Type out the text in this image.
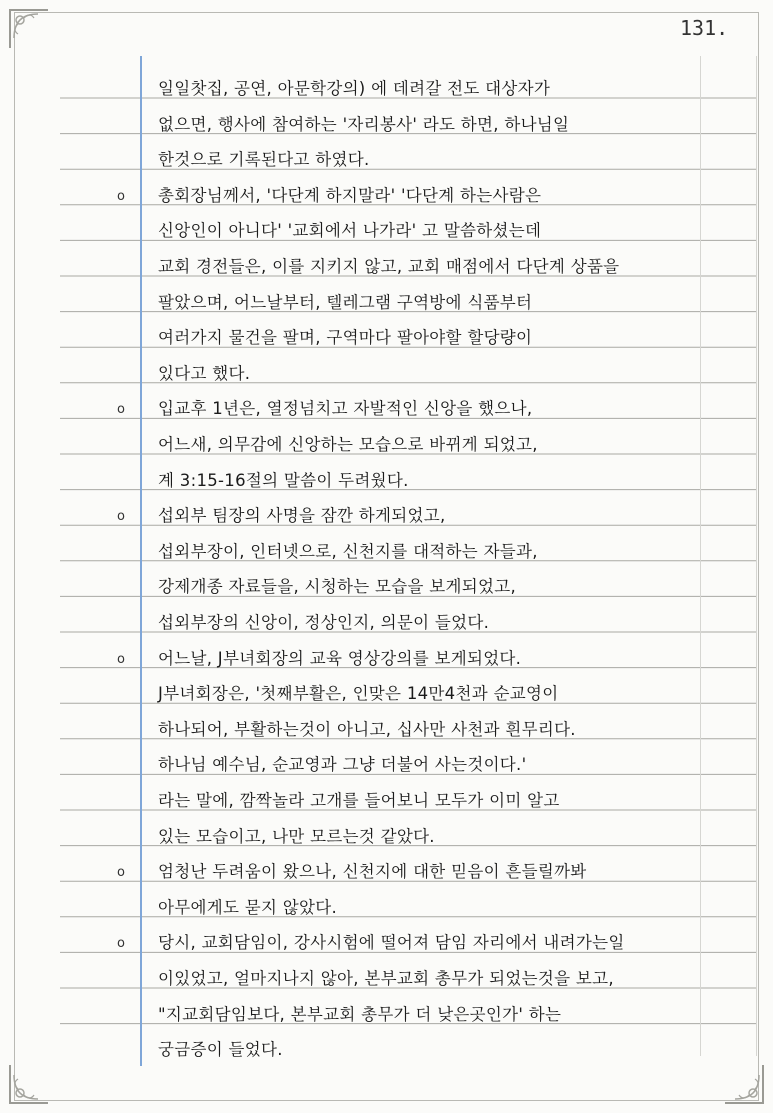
131.
일일찻집, 공연, 아문학강의) 에 데려갈 전도 대상자가
없으면, 행사에 참여하는 '자리봉사' 라도 하면, 하나님일
한것으로 기록된다고 하였다.
o 총회장님께서, '다단계 하지말라' '다단계 하는사람은
신앙인이 아니다' '교회에서 나가라' 고 말씀하셨는데
교회 경전들은, 이를 지키지 않고, 교회 매점에서 다단계 상품을
팔았으며, 어느날부터, 텔레그램 구역방에 식품부터
여러가지 물건을 팔며, 구역마다 팔아야할 할당량이
있다고 했다.
o 입교후 1년은, 열정넘치고 자발적인 신앙을 했으나,
어느새, 의무감에 신앙하는 모습으로 바뀌게 되었고,
계 3:15-16절의 말씀이 두려웠다.
o 섭외부 팀장의 사명을 잠깐 하게되었고,
섭외부장이, 인터넷으로, 신천지를 대적하는 자들과,
강제개종 자료들을, 시청하는 모습을 보게되었고,
섭외부장의 신앙이, 정상인지, 의문이 들었다.
o 어느날, J부녀회장의 교육 영상강의를 보게되었다.
J부녀회장은, '첫째부활은, 인맞은 14만4천과 순교영이
하나되어, 부활하는것이 아니고, 십사만 사천과 흰무리다.
하나님 예수님, 순교영과 그냥 더불어 사는것이다.'
라는 말에, 깜짝놀라 고개를 들어보니 모두가 이미 알고
있는 모습이고, 나만 모르는것 같았다.
o 엄청난 두려움이 왔으나, 신천지에 대한 믿음이 흔들릴까봐
아무에게도 묻지 않았다.
o 당시, 교회담임이, 강사시험에 떨어져 담임 자리에서 내려가는일
이있었고, 얼마지나지 않아, 본부교회 총무가 되었는것을 보고,
"지교회담임보다, 본부교회 총무가 더 낮은곳인가' 하는
궁금증이 들었다.
